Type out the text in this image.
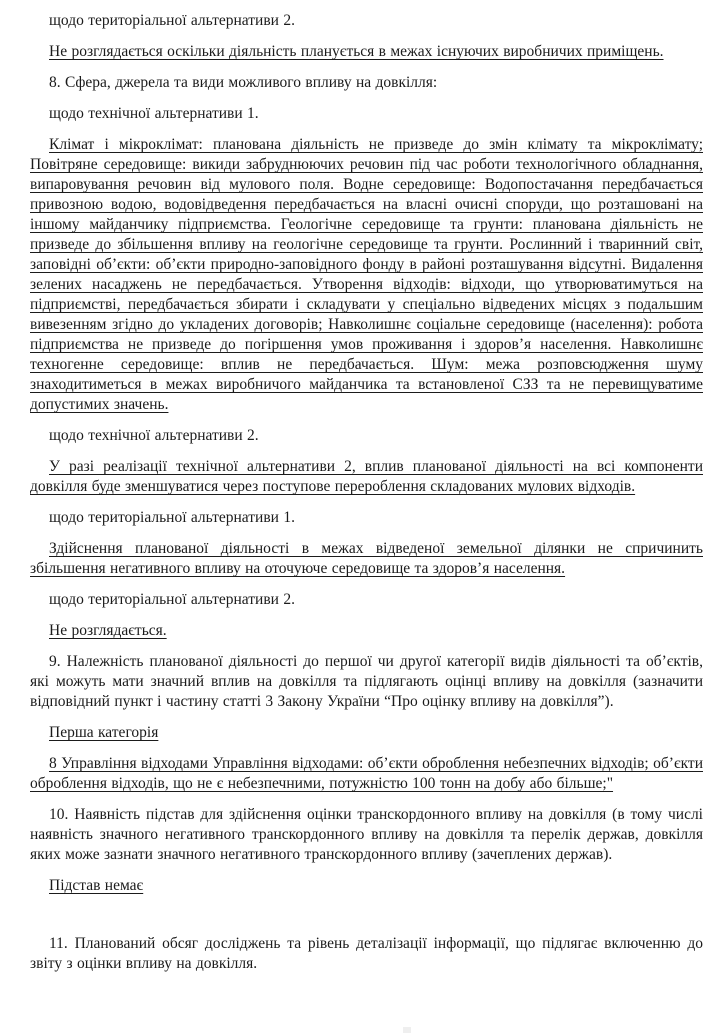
щодо територіальної альтернативи 2.

Не розглядається оскільки діяльність планується в межах існуючих виробничих приміщень.

8. Сфера, джерела та види можливого впливу на довкілля:

щодо технічної альтернативи 1.

Клімат і мікроклімат: планована діяльність не призведе до змін клімату та мікроклімату; Повітряне середовище: викиди забруднюючих речовин під час роботи технологічного обладнання, випаровування речовин від мулового поля. Водне середовище: Водопостачання передбачається привозною водою, водовідведення передбачається на власні очисні споруди, що розташовані на іншому майданчику підприємства. Геологічне середовище та грунти: планована діяльність не призведе до збільшення впливу на геологічне середовище та грунти. Рослинний і тваринний світ, заповідні об’єкти: об’єкти природно-заповідного фонду в районі розташування відсутні. Видалення зелених насаджень не передбачається. Утворення відходів: відходи, що утворюватимуться на підприємстві, передбачається збирати і складувати у спеціально відведених місцях з подальшим вивезенням згідно до укладених договорів; Навколишнє соціальне середовище (населення): робота підприємства не призведе до погіршення умов проживання і здоров’я населення. Навколишнє техногенне середовище: вплив не передбачається. Шум: межа розповсюдження шуму знаходитиметься в межах виробничого майданчика та встановленої СЗЗ та не перевищуватиме допустимих значень.

щодо технічної альтернативи 2.

У разі реалізації технічної альтернативи 2, вплив планованої діяльності на всі компоненти довкілля буде зменшуватися через поступове перероблення складованих мулових відходів.

щодо територіальної альтернативи 1.

Здійснення планованої діяльності в межах відведеної земельної ділянки не спричинить збільшення негативного впливу на оточуюче середовище та здоров’я населення.

щодо територіальної альтернативи 2.

Не розглядається.

9. Належність планованої діяльності до першої чи другої категорії видів діяльності та об’єктів, які можуть мати значний вплив на довкілля та підлягають оцінці впливу на довкілля (зазначити відповідний пункт і частину статті 3 Закону України “Про оцінку впливу на довкілля”).

Перша категорія

8 Управління відходами Управління відходами: об’єкти оброблення небезпечних відходів; об’єкти оброблення відходів, що не є небезпечними, потужністю 100 тонн на добу або більше;"

10. Наявність підстав для здійснення оцінки транскордонного впливу на довкілля (в тому числі наявність значного негативного транскордонного впливу на довкілля та перелік держав, довкілля яких може зазнати значного негативного транскордонного впливу (зачеплених держав).

Підстав немає

11. Планований обсяг досліджень та рівень деталізації інформації, що підлягає включенню до звіту з оцінки впливу на довкілля.
